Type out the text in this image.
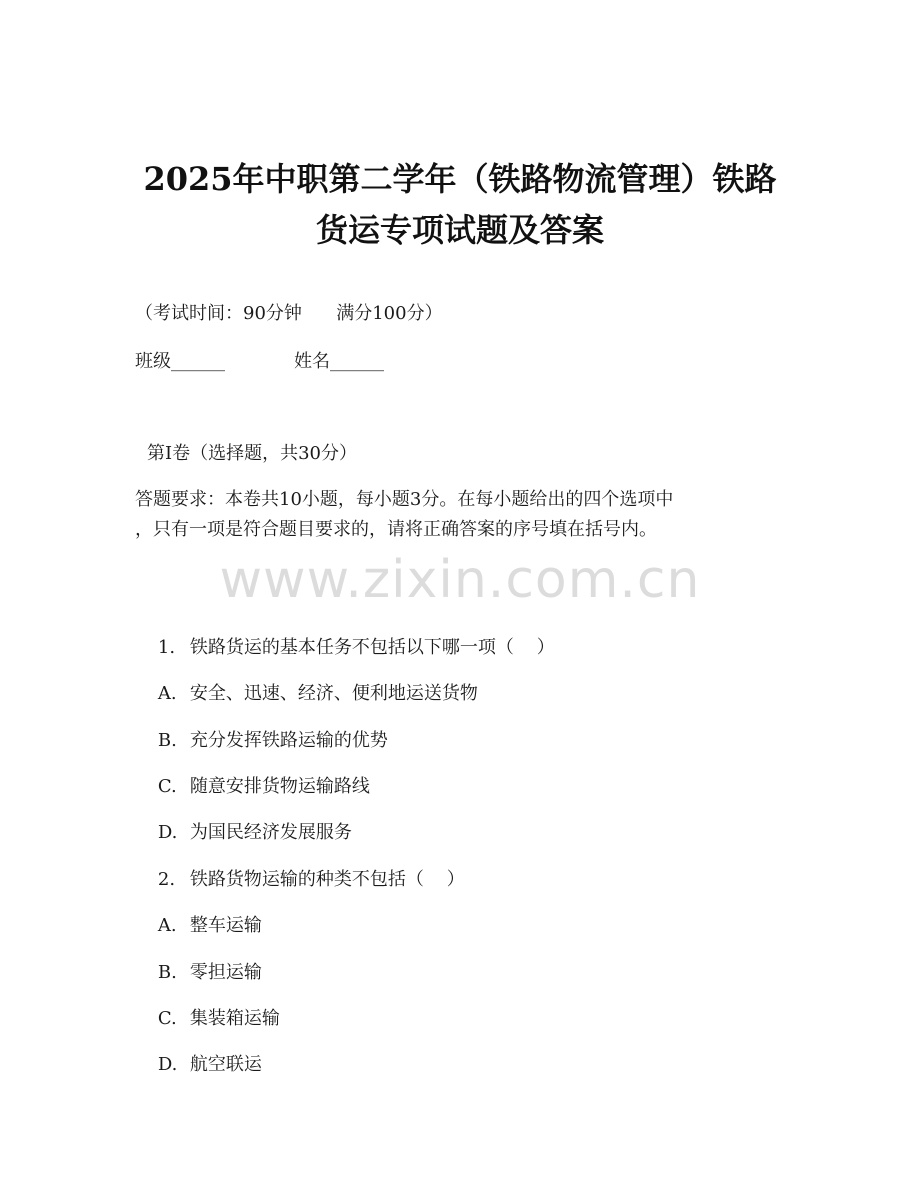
2025年中职第二学年（铁路物流管理）铁路
货运专项试题及答案
（考试时间：90分钟      满分100分）
班级______	姓名______
第Ⅰ卷（选择题，共30分）
答题要求：本卷共10小题，每小题3分。在每小题给出的四个选项中
，只有一项是符合题目要求的，请将正确答案的序号填在括号内。
www.zixin.com.cn

1. 铁路货运的基本任务不包括以下哪一项（    ）

A. 安全、迅速、经济、便利地运送货物

B. 充分发挥铁路运输的优势

C. 随意安排货物运输路线

D. 为国民经济发展服务

2. 铁路货物运输的种类不包括（    ）

A. 整车运输

B. 零担运输

C. 集装箱运输

D. 航空联运
